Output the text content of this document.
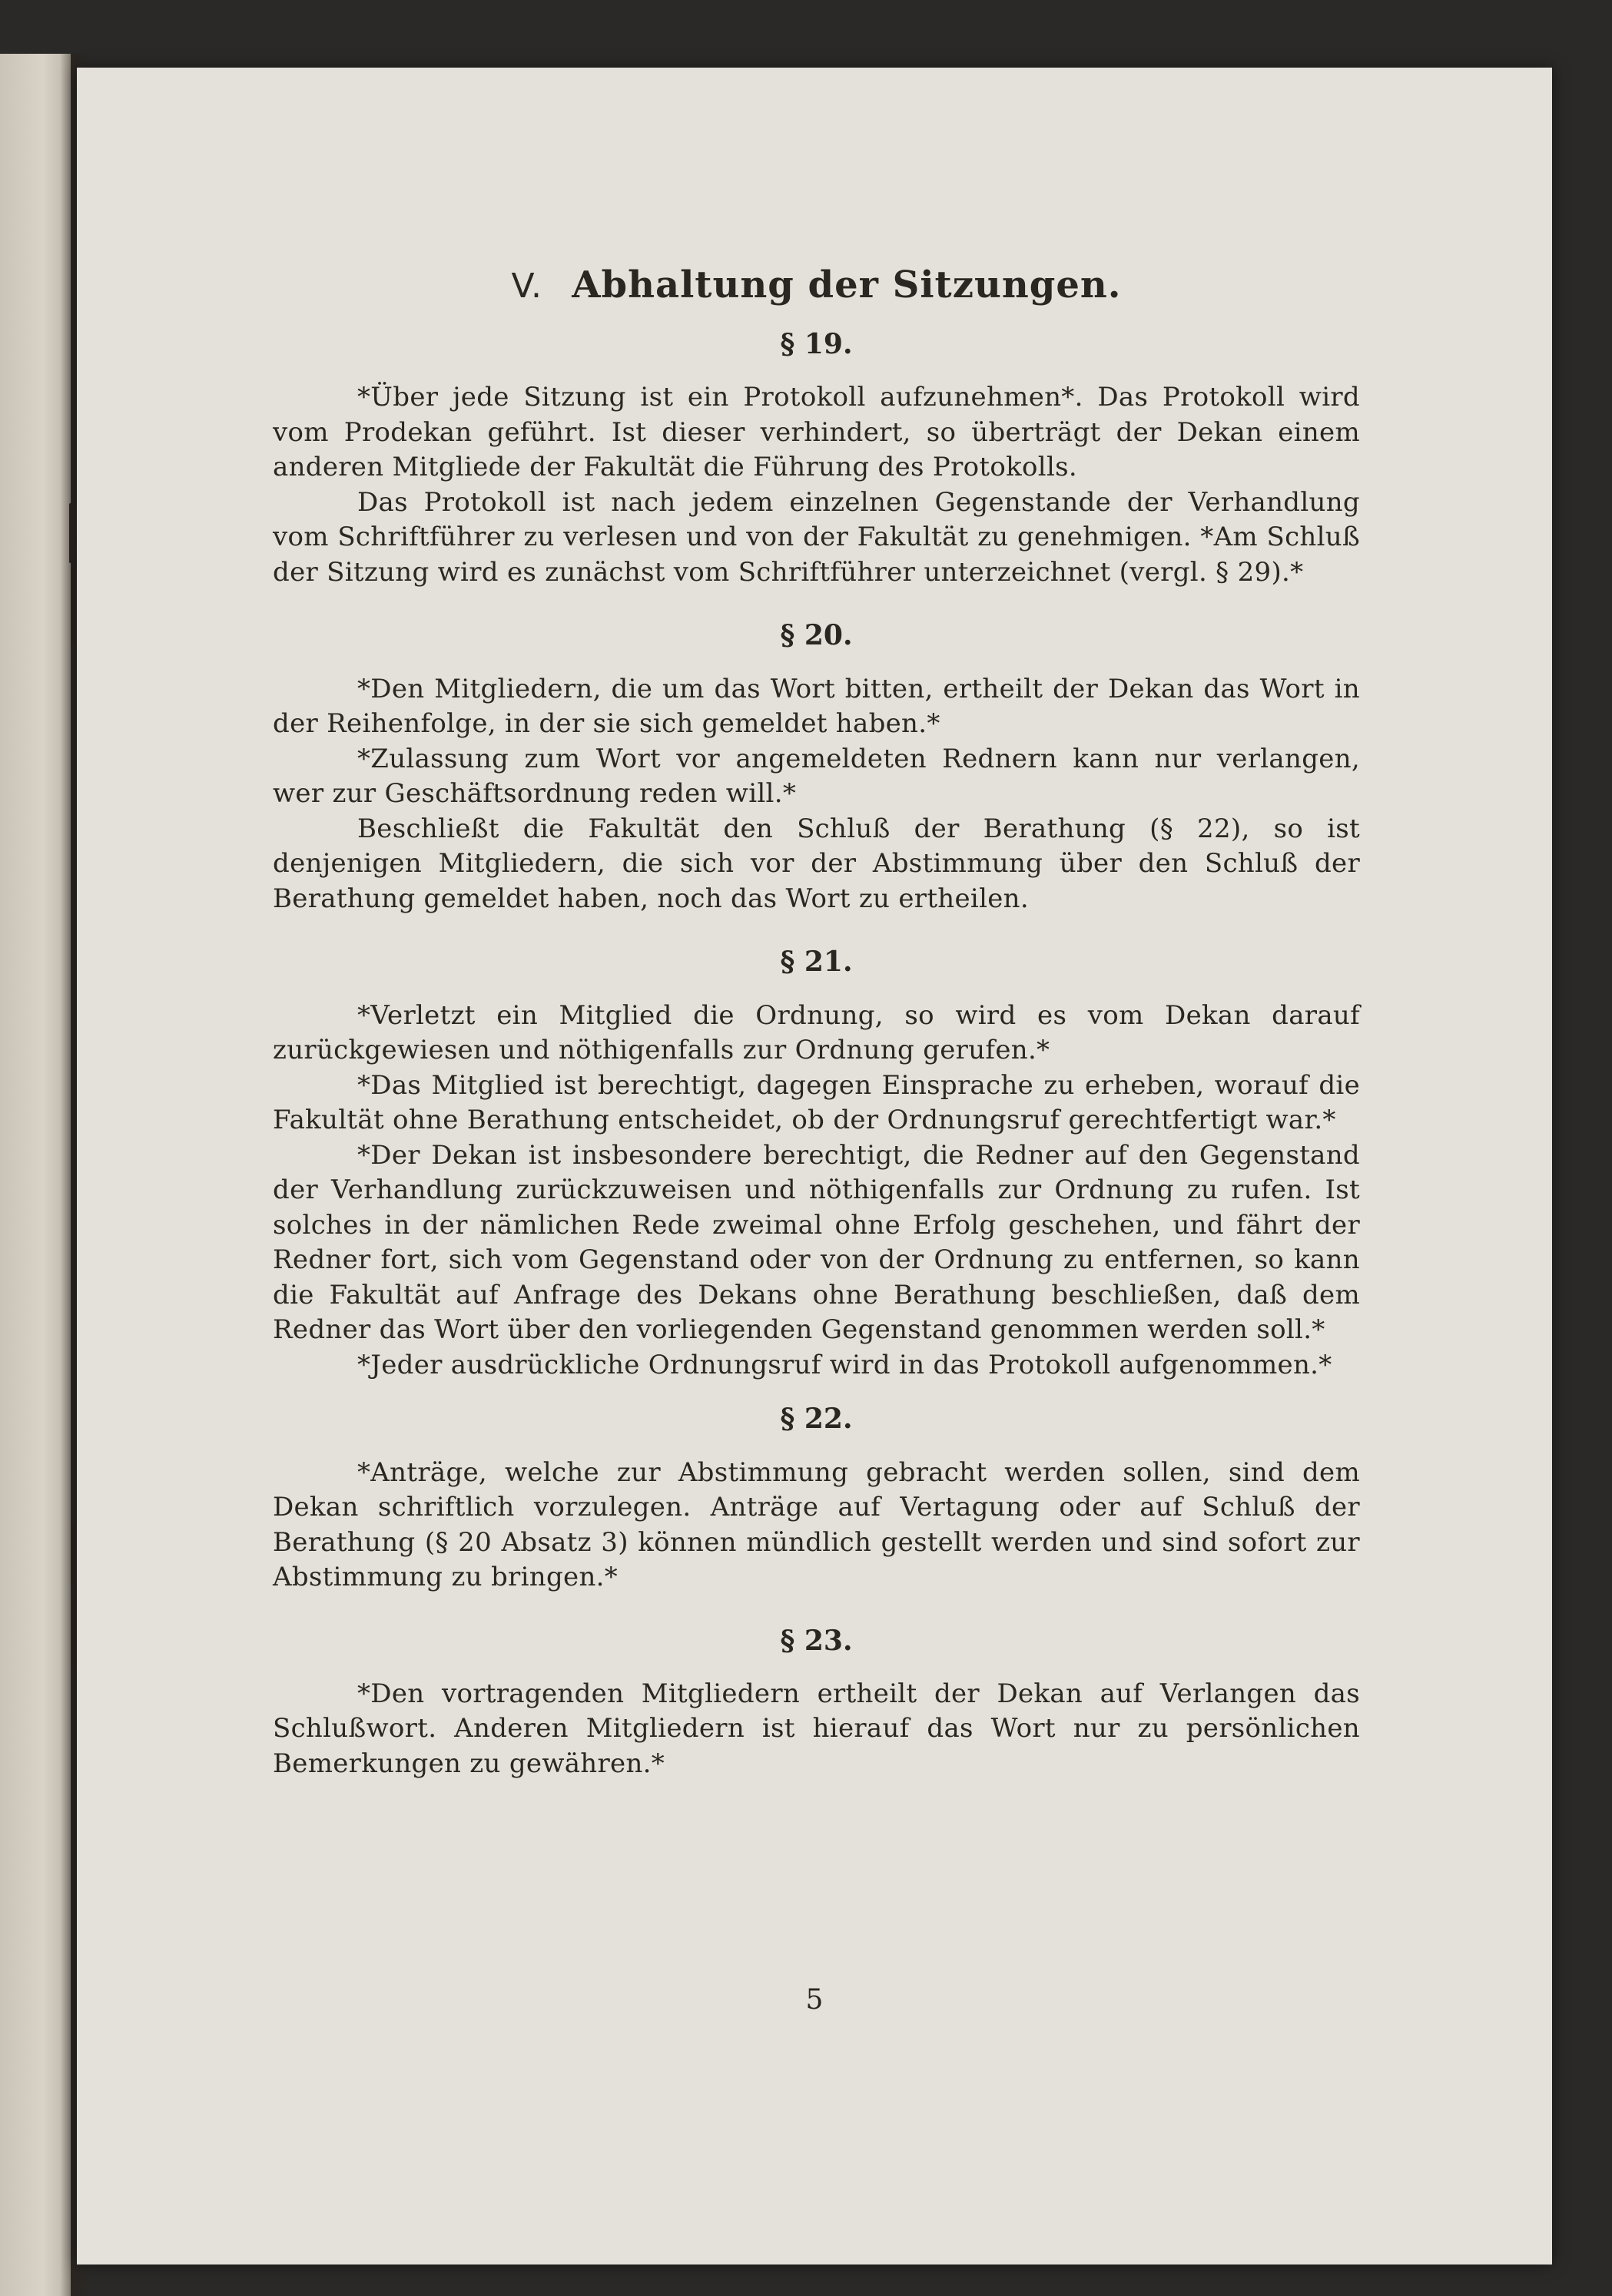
V. Abhaltung der Sitzungen.
§ 19.

*Über jede Sitzung ist ein Protokoll aufzunehmen*. Das Protokoll wird vom Prodekan geführt. Ist dieser verhindert, so überträgt der Dekan einem anderen Mitgliede der Fakultät die Führung des Protokolls.

Das Protokoll ist nach jedem einzelnen Gegenstande der Verhandlung vom Schriftführer zu verlesen und von der Fakultät zu genehmigen. *Am Schluß der Sitzung wird es zunächst vom Schriftführer unterzeichnet (vergl. § 29).*

§ 20.

*Den Mitgliedern, die um das Wort bitten, ertheilt der Dekan das Wort in der Reihenfolge, in der sie sich gemeldet haben.*

*Zulassung zum Wort vor angemeldeten Rednern kann nur verlangen, wer zur Geschäftsordnung reden will.*

Beschließt die Fakultät den Schluß der Berathung (§ 22), so ist denjenigen Mitgliedern, die sich vor der Abstimmung über den Schluß der Berathung gemeldet haben, noch das Wort zu ertheilen.

§ 21.

*Verletzt ein Mitglied die Ordnung, so wird es vom Dekan darauf zurückgewiesen und nöthigenfalls zur Ordnung gerufen.*

*Das Mitglied ist berechtigt, dagegen Einsprache zu erheben, worauf die Fakultät ohne Berathung entscheidet, ob der Ordnungsruf gerechtfertigt war.*

*Der Dekan ist insbesondere berechtigt, die Redner auf den Gegenstand der Verhandlung zurückzuweisen und nöthigenfalls zur Ordnung zu rufen. Ist solches in der nämlichen Rede zweimal ohne Erfolg geschehen, und fährt der Redner fort, sich vom Gegenstand oder von der Ordnung zu entfernen, so kann die Fakultät auf Anfrage des Dekans ohne Berathung beschließen, daß dem Redner das Wort über den vorliegenden Gegenstand genommen werden soll.*

*Jeder ausdrückliche Ordnungsruf wird in das Protokoll aufgenommen.*

§ 22.

*Anträge, welche zur Abstimmung gebracht werden sollen, sind dem Dekan schriftlich vorzulegen. Anträge auf Vertagung oder auf Schluß der Berathung (§ 20 Absatz 3) können mündlich gestellt werden und sind sofort zur Abstimmung zu bringen.*

§ 23.

*Den vortragenden Mitgliedern ertheilt der Dekan auf Verlangen das Schlußwort. Anderen Mitgliedern ist hierauf das Wort nur zu persönlichen Bemerkungen zu gewähren.*

5
